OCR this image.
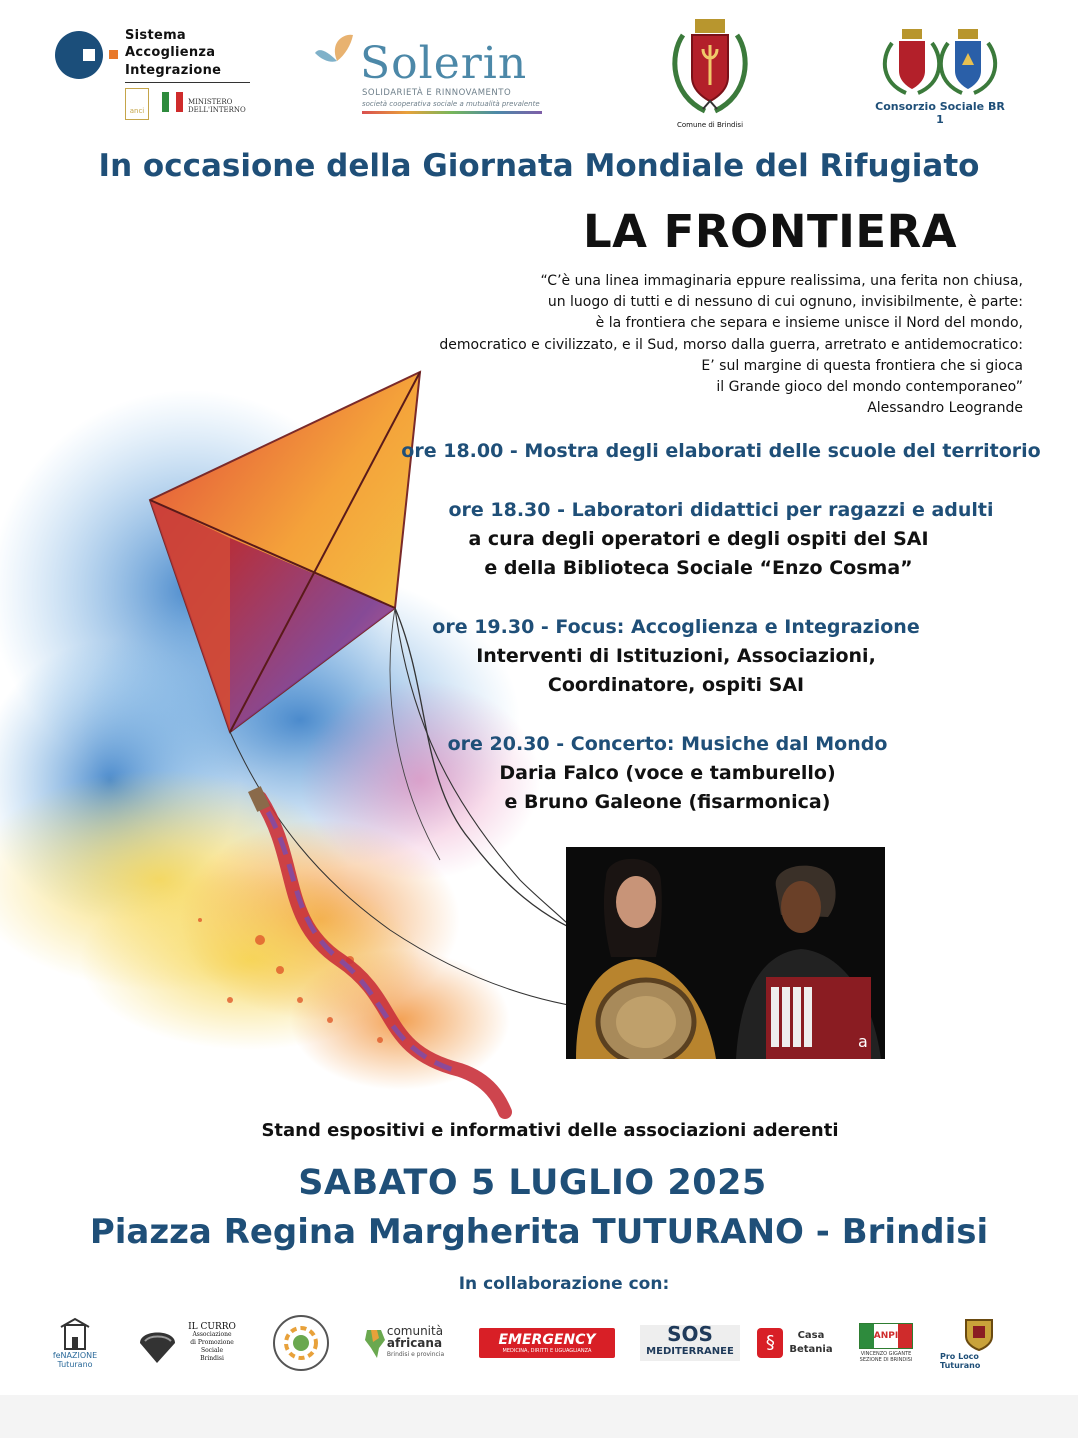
Sistema
Accoglienza
Integrazione
anci
MINISTERO
DELL'INTERNO
Solerin
SOLIDARIETÀ E RINNOVAMENTO
società cooperativa sociale a mutualità prevalente
Comune di Brindisi
Consorzio Sociale BR 1
In occasione della Giornata Mondiale del Rifugiato
LA FRONTIERA
“C’è una linea immaginaria eppure realissima, una ferita non chiusa,
un luogo di tutti e di nessuno di cui ognuno, invisibilmente, è parte:
è la frontiera che separa e insieme unisce il Nord del mondo,
democratico e civilizzato, e il Sud, morso dalla guerra, arretrato e antidemocratico:
E’ sul margine di questa frontiera che si gioca
il Grande gioco del mondo contemporaneo”
Alessandro Leogrande
ore 18.00 - Mostra degli elaborati delle scuole del territorio
ore 18.30 - Laboratori didattici per ragazzi e adulti
a cura degli operatori e degli ospiti del SAI
e della Biblioteca Sociale “Enzo Cosma”
ore 19.30 - Focus: Accoglienza e Integrazione
Interventi di Istituzioni, Associazioni,
Coordinatore, ospiti SAI
ore 20.30 - Concerto: Musiche dal Mondo
Daria Falco (voce e tamburello)
e Bruno Galeone (fisarmonica)
a
Stand espositivi e informativi delle associazioni aderenti
SABATO 5 LUGLIO 2025
Piazza Regina Margherita TUTURANO - Brindisi
In collaborazione con:
feNAZIONE Tuturano
IL CURRO
Associazione
di Promozione Sociale
Brindisi
comunità
africana
Brindisi e provincia
EMERGENCY
MEDICINA, DIRITTI E UGUAGLIANZA
SOS
MEDITERRANEE	§	Casa
Betania
ANPI
VINCENZO GIGANTE SEZIONE DI BRINDISI	Pro Loco Tuturano
